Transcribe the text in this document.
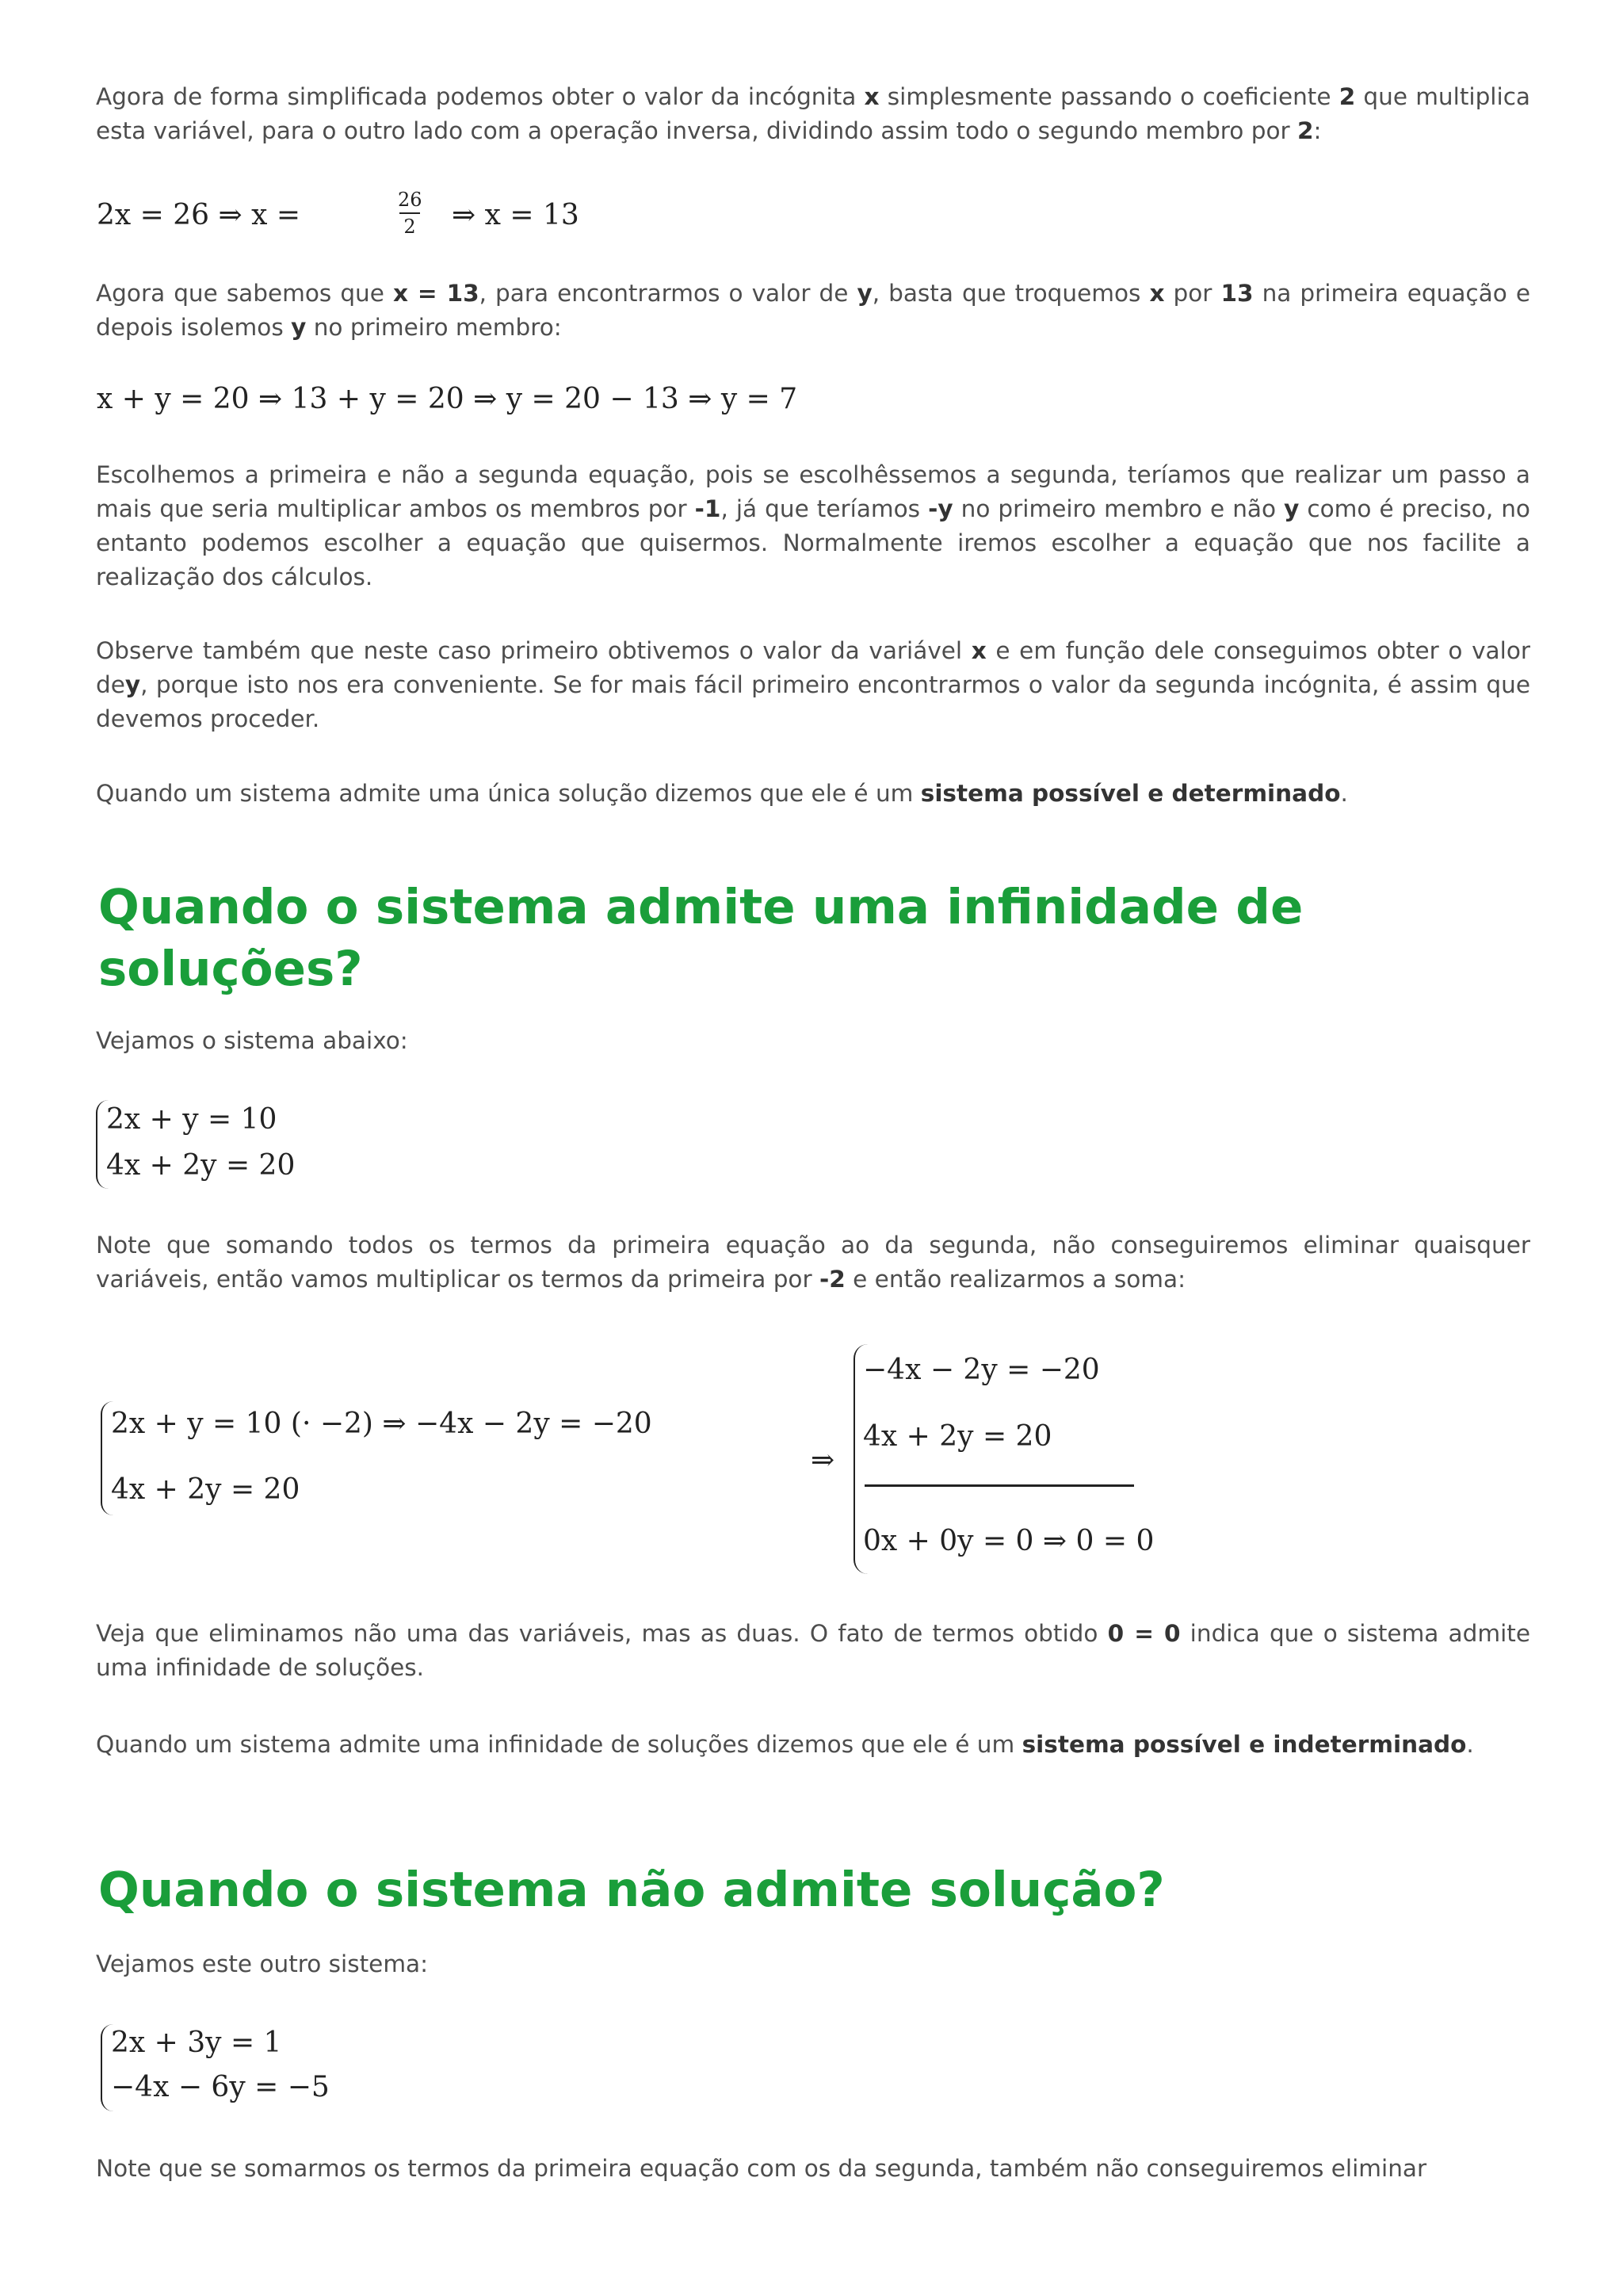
Agora de forma simplificada podemos obter o valor da incógnita x simplesmente passando o coeficiente 2 que multiplica esta variável, para o outro lado com a operação inversa, dividindo assim todo o segundo membro por 2:

2x = 26 ⇒ x =	26
2 ⇒ x = 13

Agora que sabemos que x = 13, para encontrarmos o valor de y, basta que troquemos x por 13 na primeira equação e depois isolemos y no primeiro membro:

x + y = 20 ⇒ 13 + y = 20 ⇒ y = 20 − 13 ⇒ y = 7

Escolhemos a primeira e não a segunda equação, pois se escolhêssemos a segunda, teríamos que realizar um passo a mais que seria multiplicar ambos os membros por -1, já que teríamos -y no primeiro membro e não y como é preciso, no entanto podemos escolher a equação que quisermos. Normalmente iremos escolher a equação que nos facilite a realização dos cálculos.

Observe também que neste caso primeiro obtivemos o valor da variável x e em função dele conseguimos obter o valor dey, porque isto nos era conveniente. Se for mais fácil primeiro encontrarmos o valor da segunda incógnita, é assim que devemos proceder.

Quando um sistema admite uma única solução dizemos que ele é um sistema possível e determinado.

Quando o sistema admite uma infinidade de soluções?

Vejamos o sistema abaixo:

2x + y = 10
4x + 2y = 20

Note que somando todos os termos da primeira equação ao da segunda, não conseguiremos eliminar quaisquer variáveis, então vamos multiplicar os termos da primeira por -2 e então realizarmos a soma:

2x + y = 10 (· −2) ⇒ −4x − 2y = −20
4x + 2y = 20
⇒
−4x − 2y = −20
4x + 2y = 20
0x + 0y = 0 ⇒ 0 = 0

Veja que eliminamos não uma das variáveis, mas as duas. O fato de termos obtido 0 = 0 indica que o sistema admite uma infinidade de soluções.

Quando um sistema admite uma infinidade de soluções dizemos que ele é um sistema possível e indeterminado.

Quando o sistema não admite solução?

Vejamos este outro sistema:

2x + 3y = 1
−4x − 6y = −5

Note que se somarmos os termos da primeira equação com os da segunda, também não conseguiremos eliminar
